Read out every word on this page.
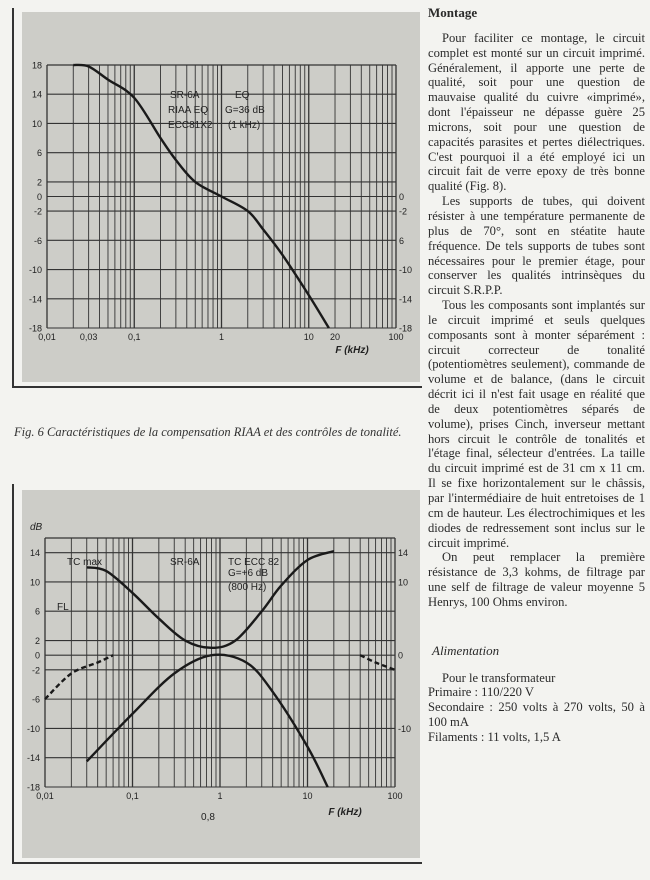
18
14
10
6
2
0
-2
-6
-10
-14
-18
0
-2
6
-10
-14
-18
0,01	0,03	0,1	1	10 20	100
SR-6A	EQ
RIAA EQ G=36 dB
ECC81X2 (1 kHz)
F (kHz)
Fig. 6 Caractéristiques de la compensation RIAA et des contrôles de tonalité.
14
10
6
2
0
-2
-6
-10
-14
-18
14
10
0
-10
0,01	0,1	1	10	100
TC max
FL
SR-6A	TC ECC 82
G=+6 dB
(800 Hz)
0,8	F (kHz)
dB
Montage

Pour faciliter ce montage, le circuit complet est monté sur un circuit imprimé. Généralement, il apporte une perte de qualité, soit pour une question de mauvaise qualité du cuivre «imprimé», dont l'épaisseur ne dépasse guère 25 microns, soit pour une question de capacités parasites et pertes diélectriques. C'est pourquoi il a été employé ici un circuit fait de verre epoxy de très bonne qualité (Fig. 8).

Les supports de tubes, qui doivent résister à une température permanente de plus de 70°, sont en stéatite haute fréquence. De tels supports de tubes sont nécessaires pour le premier étage, pour conserver les qualités intrinsèques du circuit S.R.P.P.

Tous les composants sont implantés sur le circuit imprimé et seuls quelques composants sont à monter séparément : circuit correcteur de tonalité (potentiomètres seulement), commande de volume et de balance, (dans le circuit décrit ici il n'est fait usage en réalité que de deux potentiomètres séparés de volume), prises Cinch, inverseur mettant hors circuit le contrôle de tonalités et l'étage final, sélecteur d'entrées. La taille du circuit imprimé est de 31 cm x 11 cm. Il se fixe horizontalement sur le châssis, par l'intermédiaire de huit entretoises de 1 cm de hauteur. Les électrochimiques et les diodes de redressement sont inclus sur le circuit imprimé.

On peut remplacer la première résistance de 3,3 kohms, de filtrage par une self de filtrage de valeur moyenne 5 Henrys, 100 Ohms environ.

Alimentation

Pour le transformateur

Primaire : 110/220 V
Secondaire : 250 volts à 270 volts, 50 à 100 mA
Filaments : 11 volts, 1,5 A
